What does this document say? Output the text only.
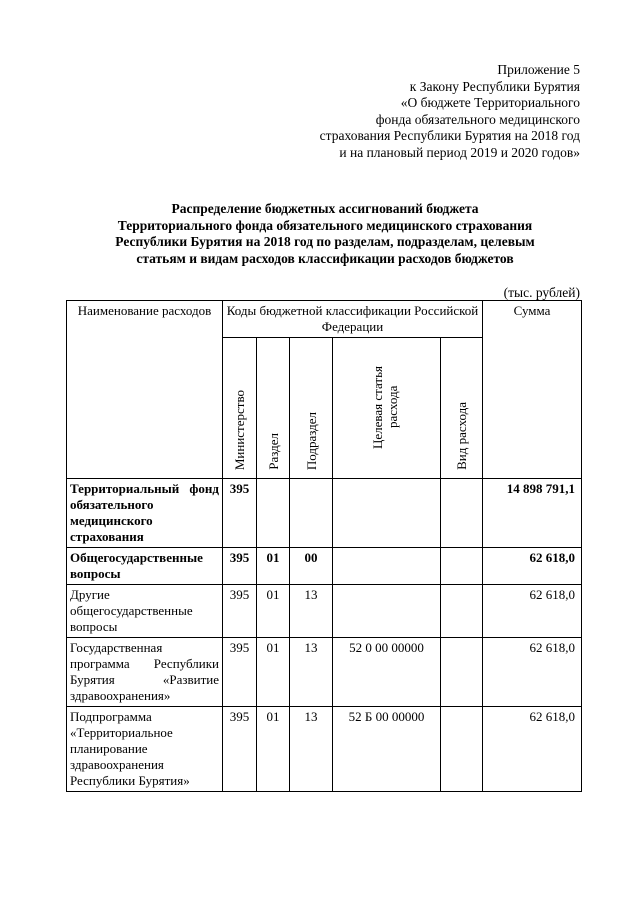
Приложение 5
к Закону Республики Бурятия
«О бюджете Территориального
фонда обязательного медицинского
страхования Республики Бурятия на 2018 год
и на плановый период 2019 и 2020 годов»
Распределение бюджетных ассигнований бюджета
Территориального фонда обязательного медицинского страхования
Республики Бурятия на 2018 год по разделам, подразделам, целевым
статьям и видам расходов классификации расходов бюджетов
(тыс. рублей)
Наименование расходов	Коды бюджетной классификации Российской Федерации					Сумма

	Министерство	Раздел	Подраздел	Целевая статья расхода	Вид расхода	

Территориальный фонд обязательного медицинского страхования	395					14 898 791,1
Общегосударственные вопросы	395	01	00			62 618,0
Другие общегосударственные вопросы	395	01	13			62 618,0
Государственная программа Республики Бурятия «Развитие здравоохранения»	395	01	13	52 0 00 00000		62 618,0
Подпрограмма «Территориальное планирование здравоохранения Республики Бурятия»	395	01	13	52 Б 00 00000		62 618,0
